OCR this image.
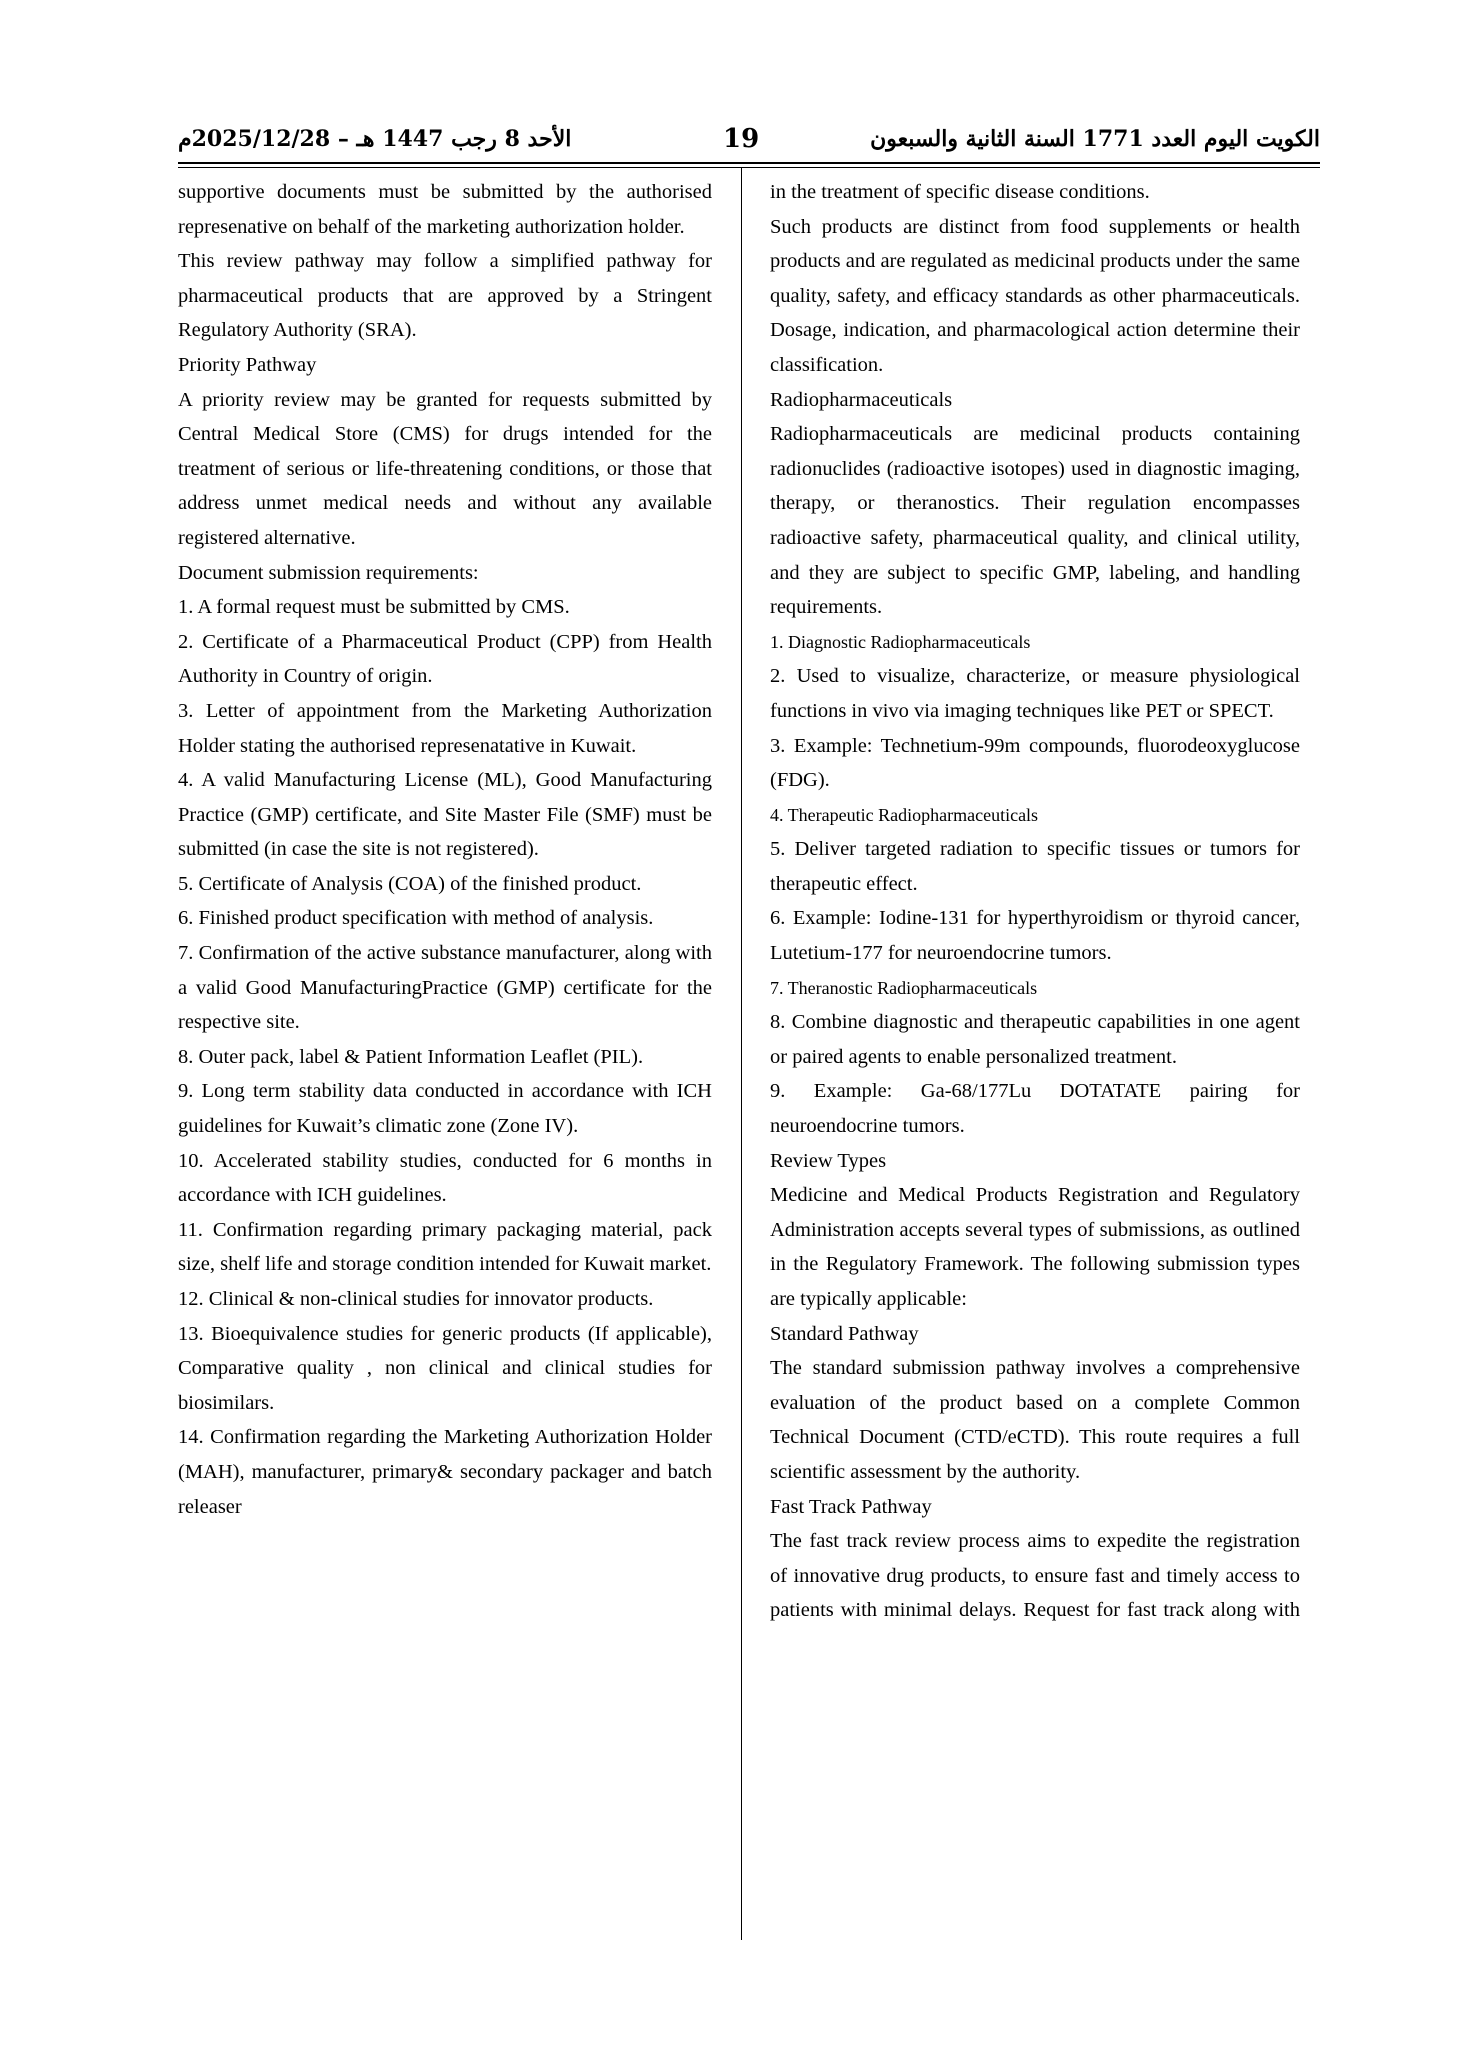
الكويت اليوم العدد 1771 السنة الثانية والسبعون
19
الأحد 8 رجب 1447 هـ – 2025/12/28م

supportive documents must be submitted by the authorised represenative on behalf of the marketing authorization holder.

This review pathway may follow a simplified pathway for pharmaceutical products that are approved by a Stringent Regulatory Authority (SRA).

Priority Pathway

A priority review may be granted for requests submitted by Central Medical Store (CMS) for drugs intended for the treatment of serious or life-threatening conditions, or those that address unmet medical needs and without any available registered alternative.

Document submission requirements:

1. A formal request must be submitted by CMS.

2. Certificate of a Pharmaceutical Product (CPP) from Health Authority in Country of origin.

3. Letter of appointment from the Marketing Authorization Holder stating the authorised represenatative in Kuwait.

4. A valid Manufacturing License (ML), Good Manufacturing Practice (GMP) certificate, and Site Master File (SMF) must be submitted (in case the site is not registered).

5. Certificate of Analysis (COA) of the finished product.

6. Finished product specification with method of analysis.

7. Confirmation of the active substance manufacturer, along with a valid Good ManufacturingPractice (GMP) certificate for the respective site.

8. Outer pack, label & Patient Information Leaflet (PIL).

9. Long term stability data conducted in accordance with ICH guidelines for Kuwait’s climatic zone (Zone IV).

10. Accelerated stability studies, conducted for 6 months in accordance with ICH guidelines.

11. Confirmation regarding primary packaging material, pack size, shelf life and storage condition intended for Kuwait market.

12. Clinical & non-clinical studies for innovator products.

13. Bioequivalence studies for generic products (If applicable), Comparative quality , non clinical and clinical studies for biosimilars.

14. Confirmation regarding the Marketing Authorization Holder (MAH), manufacturer, primary& secondary packager and batch releaser

in the treatment of specific disease conditions.

Such products are distinct from food supplements or health products and are regulated as medicinal products under the same quality, safety, and efficacy standards as other pharmaceuticals. Dosage, indication, and pharmacological action determine their classification.

Radiopharmaceuticals

Radiopharmaceuticals are medicinal products containing radionuclides (radioactive isotopes) used in diagnostic imaging, therapy, or theranostics. Their regulation encompasses radioactive safety, pharmaceutical quality, and clinical utility, and they are subject to specific GMP, labeling, and handling requirements.

1. Diagnostic Radiopharmaceuticals

2. Used to visualize, characterize, or measure physiological functions in vivo via imaging techniques like PET or SPECT.

3. Example: Technetium-99m compounds, fluorodeoxyglucose (FDG).

4. Therapeutic Radiopharmaceuticals

5. Deliver targeted radiation to specific tissues or tumors for therapeutic effect.

6. Example: Iodine-131 for hyperthyroidism or thyroid cancer, Lutetium-177 for neuroendocrine tumors.

7. Theranostic Radiopharmaceuticals

8. Combine diagnostic and therapeutic capabilities in one agent or paired agents to enable personalized treatment.

9. Example: Ga-68/177Lu DOTATATE pairing for neuroendocrine tumors.

Review Types

Medicine and Medical Products Registration and Regulatory Administration accepts several types of submissions, as outlined in the Regulatory Framework. The following submission types are typically applicable:

Standard Pathway

The standard submission pathway involves a comprehensive evaluation of the product based on a complete Common Technical Document (CTD/eCTD). This route requires a full scientific assessment by the authority.

Fast Track Pathway

The fast track review process aims to expedite the registration of innovative drug products, to ensure fast and timely access to patients with minimal delays. Request for fast track along with
